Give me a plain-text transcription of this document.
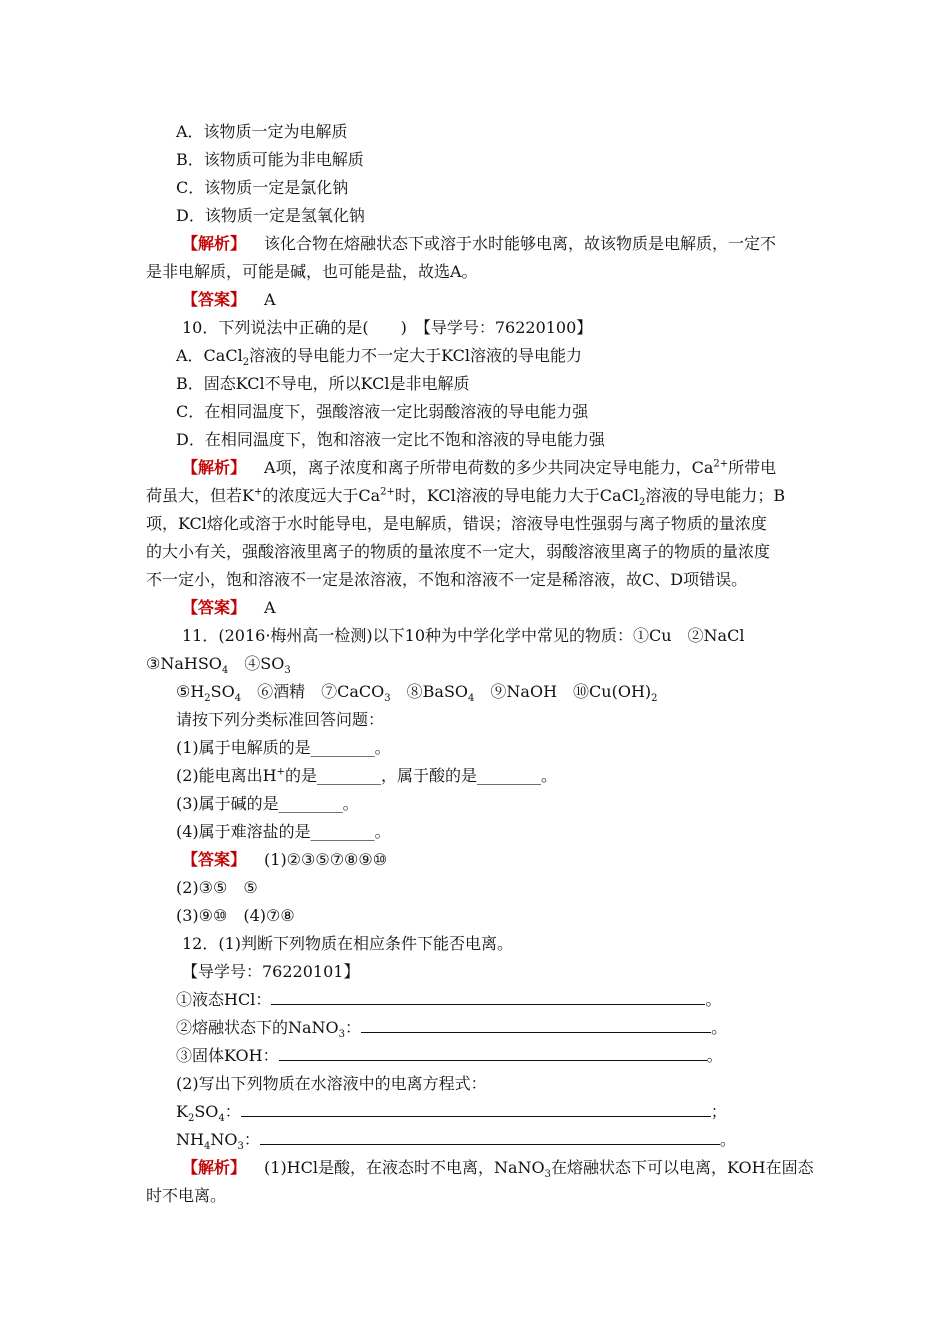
A．该物质一定为电解质
B．该物质可能为非电解质
C．该物质一定是氯化钠
D．该物质一定是氢氧化钠
【解析】 该化合物在熔融状态下或溶于水时能够电离，故该物质是电解质，一定不
是非电解质，可能是碱，也可能是盐，故选A。
【答案】 A
10．下列说法中正确的是(　　)　【导学号：76220100】
A．CaCl$_2$溶液的导电能力不一定大于KCl溶液的导电能力
B．固态KCl不导电，所以KCl是非电解质
C．在相同温度下，强酸溶液一定比弱酸溶液的导电能力强
D．在相同温度下，饱和溶液一定比不饱和溶液的导电能力强
【解析】 A项，离子浓度和离子所带电荷数的多少共同决定导电能力，$Ca^{2+}$所带电
荷虽大，但若K+的浓度远大于$Ca^{2+}$时，KCl溶液的导电能力大于CaCl$_2$溶液的导电能力；B
项，KCl熔化或溶于水时能导电，是电解质，错误；溶液导电性强弱与离子物质的量浓度
的大小有关，强酸溶液里离子的物质的量浓度不一定大，弱酸溶液里离子的物质的量浓度
不一定小，饱和溶液不一定是浓溶液，不饱和溶液不一定是稀溶液，故C、D项错误。
【答案】 A
11．(2016·梅州高一检测)以下10种为中学化学中常见的物质：①Cu　②NaCl
③NaHSO$_4$　$④SO_3$
$⑤H_2SO_4$　⑥酒精　⑦CaCO$_3$　⑧BaSO$_4$　⑨NaOH　$⑩Cu(OH)_2$
请按下列分类标准回答问题：
(1)属于电解质的是________。
(2)能电离出H+的是________，属于酸的是________。
(3)属于碱的是________。
(4)属于难溶盐的是________。
【答案】 (1)②③⑤⑦⑧⑨⑩
(2)③⑤　⑤
(3)⑨⑩　(4)⑦⑧
12．(1)判断下列物质在相应条件下能否电离。
【导学号：76220101】
①液态HCl：	。
②熔融状态下的NaNO$_3$：	。
③固体KOH：	。
(2)写出下列物质在水溶液中的电离方程式：
$K_2SO_4$：	；
$NH_4NO_3$：	。
【解析】 (1)HCl是酸，在液态时不电离，NaNO$_3$在熔融状态下可以电离，KOH在固态
时不电离。
